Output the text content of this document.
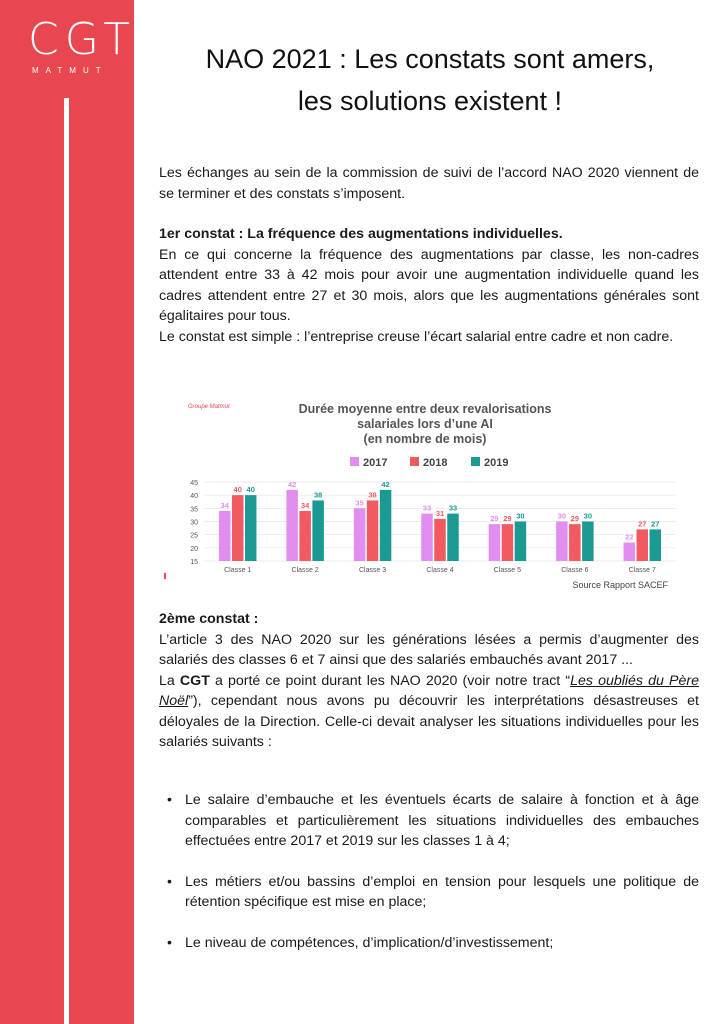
CGT
MATMUT	NAO 2021 : Les constats sont amers,
les solutions existent !
Les échanges au sein de la commission de suivi de l’accord NAO 2020 viennent de se terminer et des constats s’imposent.
1er constat : La fréquence des augmentations individuelles.
En ce qui concerne la fréquence des augmentations par classe, les non-cadres attendent entre 33 à 42 mois pour avoir une augmentation individuelle quand les cadres attendent entre 27 et 30 mois, alors que les augmentations générales sont égalitaires pour tous.
Le constat est simple : l’entreprise creuse l’écart salarial entre cadre et non cadre.
Groupe Matmut	Durée moyenne entre deux revalorisations
salariales lors d’une AI
(en nombre de mois)
2017	2018	2019
15
20
25
30
35
40
45
34
40 40
42
34
38
35
38
42
33
31
33
29 29 30	30 29 30
22
27 27
Classe 1	Classe 2	Classe 3	Classe 4	Classe 5	Classe 6	Classe 7
Source Rapport SACEF
2ème constat :
L’article 3 des NAO 2020 sur les générations lésées a permis d’augmenter des salariés des classes 6 et 7 ainsi que des salariés embauchés avant 2017 ...
La CGT a porté ce point durant les NAO 2020 (voir notre tract “Les oubliés du Père Noël”), cependant nous avons pu découvrir les interprétations désastreuses et déloyales de la Direction. Celle-ci devait analyser les situations individuelles pour les salariés suivants :
• Le salaire d’embauche et les éventuels écarts de salaire à fonction et à âge comparables et particulièrement les situations individuelles des embauches effectuées entre 2017 et 2019 sur les classes 1 à 4;
• Les métiers et/ou bassins d’emploi en tension pour lesquels une politique de rétention spécifique est mise en place;
• Le niveau de compétences, d’implication/d’investissement;
